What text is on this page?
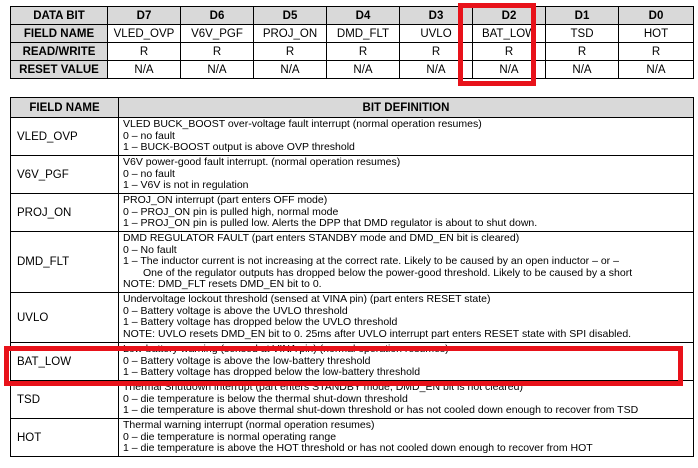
DATA BIT	D7	D6	D5	D4	D3	D2	D1	D0
FIELD NAME	VLED_OVP	V6V_PGF	PROJ_ON	DMD_FLT	UVLO	BAT_LOW	TSD	HOT
READ/WRITE	R	R	R	R	R	R	R	R
RESET VALUE	N/A	N/A	N/A	N/A	N/A	N/A	N/A	N/A
FIELD NAME	BIT DEFINITION
VLED_OVP	VLED BUCK_BOOST over-voltage fault interrupt (normal operation resumes)
0 – no fault
1 – BUCK-BOOST output is above OVP threshold

V6V_PGF	V6V power-good fault interrupt. (normal operation resumes)
0 – no fault
1 – V6V is not in regulation

PROJ_ON	PROJ_ON interrupt (part enters OFF mode)
0 – PROJ_ON pin is pulled high, normal mode
1 – PROJ_ON pin is pulled low. Alerts the DPP that DMD regulator is about to shut down.

DMD_FLT	DMD REGULATOR FAULT (part enters STANDBY mode and DMD_EN bit is cleared)
0 – No fault
1 – The inductor current is not increasing at the correct rate. Likely to be caused by an open inductor – or –
One of the regulator outputs has dropped below the power-good threshold. Likely to be caused by a short
NOTE: DMD_FLT resets DMD_EN bit to 0.

UVLO	Undervoltage lockout threshold (sensed at VINA pin) (part enters RESET state)
0 – Battery voltage is above the UVLO threshold
1 – Battery voltage has dropped below the UVLO threshold
NOTE: UVLO resets DMD_EN bit to 0. 25ms after UVLO interrupt part enters RESET state with SPI disabled.

BAT_LOW	Low-battery warning (sensed at VINA pin) (normal operation resumes)
0 – Battery voltage is above the low-battery threshold
1 – Battery voltage has dropped below the low-battery threshold

TSD	Thermal Shutdown interrupt (part enters STANDBY mode, DMD_EN bit is not cleared)
0 – die temperature is below the thermal shut-down threshold
1 – die temperature is above thermal shut-down threshold or has not cooled down enough to recover from TSD

HOT	Thermal warning interrupt (normal operation resumes)
0 – die temperature is normal operating range
1 – die temperature is above the HOT threshold or has not cooled down enough to recover from HOT
